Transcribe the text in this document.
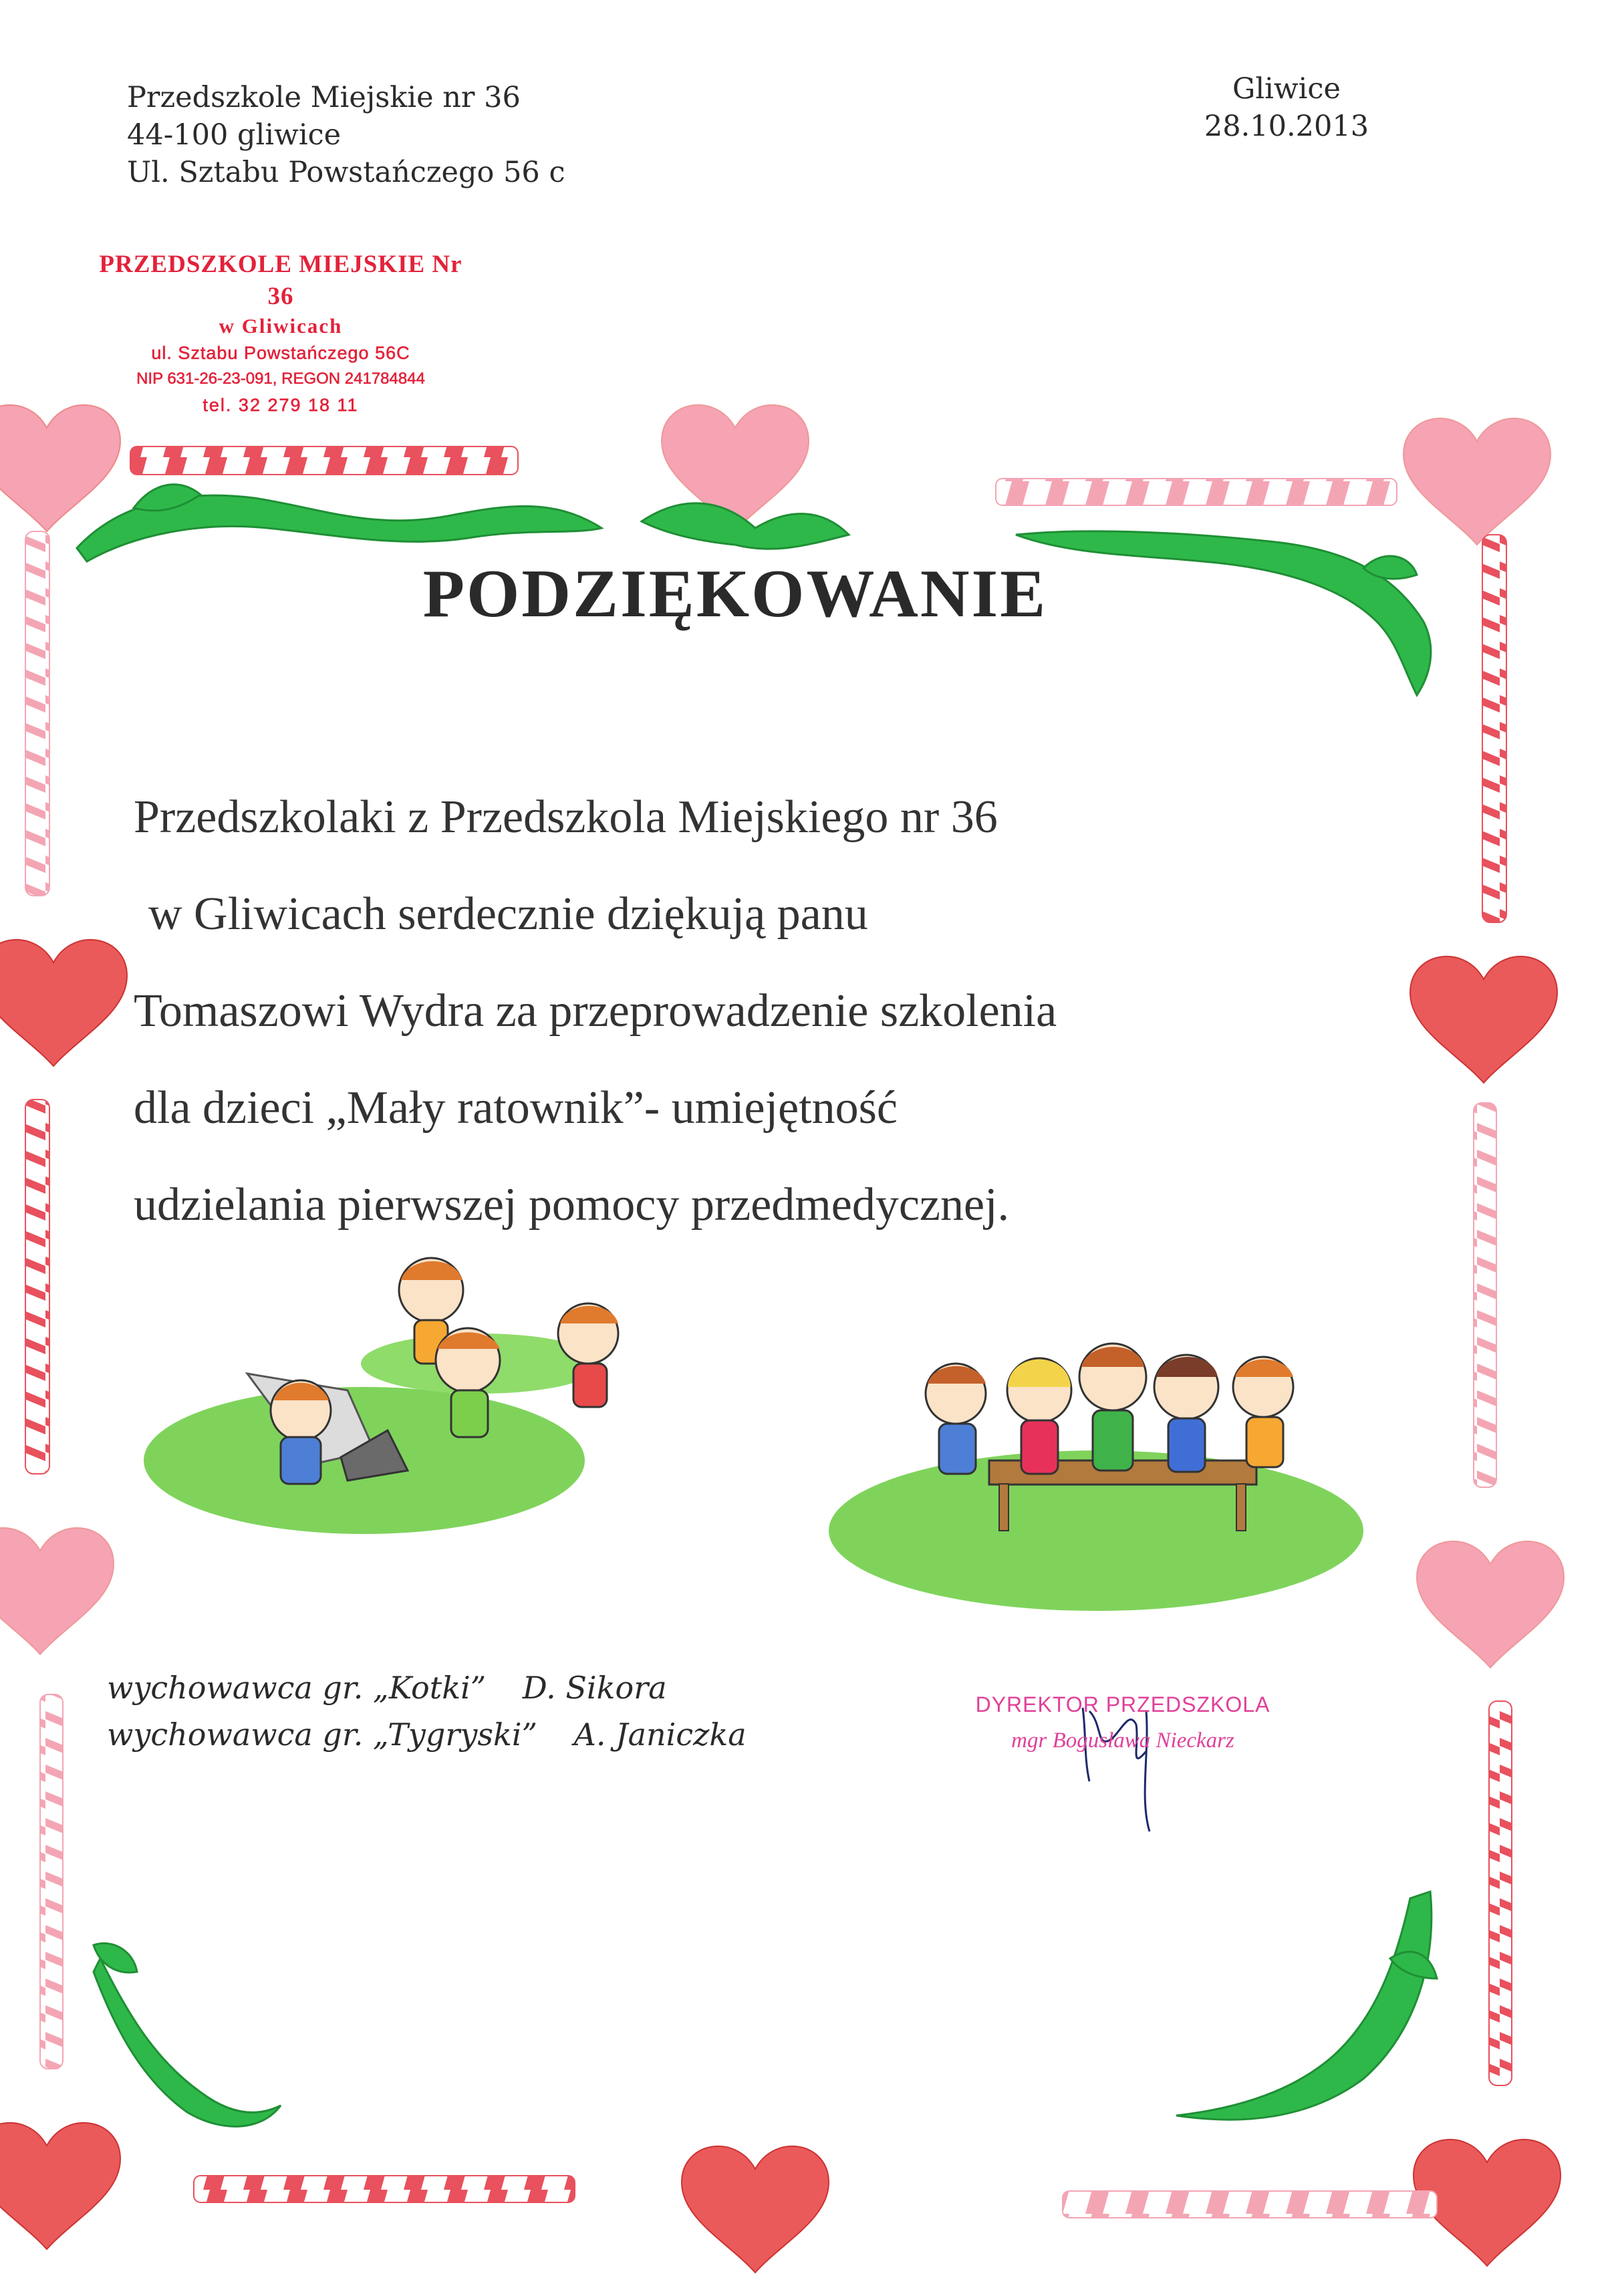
Przedszkole Miejskie nr 36
44-100 gliwice
Ul. Sztabu Powstańczego 56 c
Gliwice
28.10.2013
PRZEDSZKOLE MIEJSKIE Nr 36
w Gliwicach
ul. Sztabu Powstańczego 56C
NIP 631-26-23-091, REGON 241784844
tel. 32 279 18 11
PODZIĘKOWANIE
Przedszkolaki z Przedszkola Miejskiego nr 36
w Gliwicach serdecznie dziękują panu
Tomaszowi Wydra za przeprowadzenie szkolenia
dla dzieci „Mały ratownik”- umiejętność
udzielania pierwszej pomocy przedmedycznej.
wychowawca gr. „Kotki” D. Sikora
wychowawca gr. „Tygryski” A. Janiczka
DYREKTOR PRZEDSZKOLA
mgr Bogusława Nieckarz
